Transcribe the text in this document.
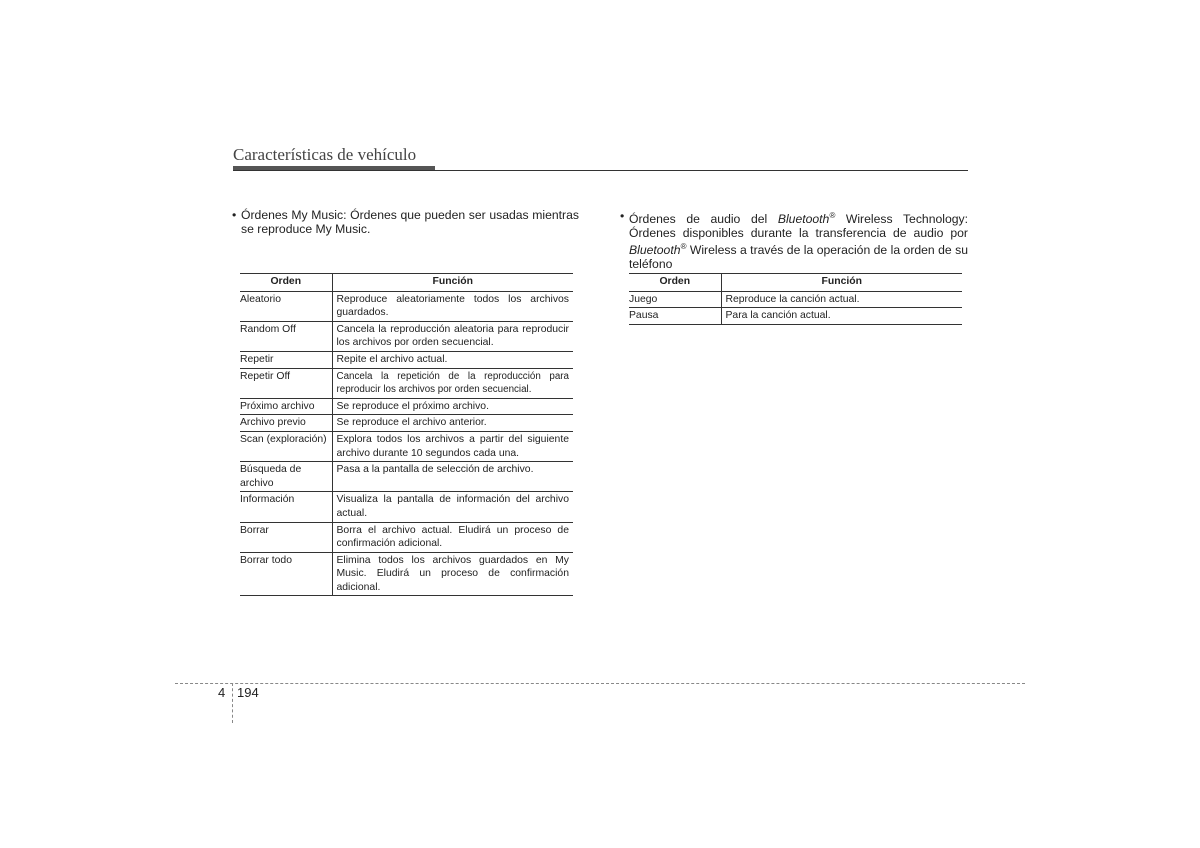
Características de vehículo
• Órdenes My Music: Órdenes que pueden ser usadas mientras se reproduce My Music.
Orden	Función
Aleatorio	Reproduce aleatoriamente todos los archivos guardados.
Random Off	Cancela la reproducción aleatoria para reproducir los archivos por orden secuencial.
Repetir	Repite el archivo actual.
Repetir Off	Cancela la repetición de la reproducción para reproducir los archivos por orden secuencial.
Próximo archivo	Se reproduce el próximo archivo.
Archivo previo	Se reproduce el archivo anterior.
Scan (exploración)	Explora todos los archivos a partir del siguiente archivo durante 10 segundos cada una.
Búsqueda de archivo	Pasa a la pantalla de selección de archivo.
Información	Visualiza la pantalla de información del archivo actual.
Borrar	Borra el archivo actual. Eludirá un proceso de confirmación adicional.
Borrar todo	Elimina todos los archivos guardados en My Music. Eludirá un proceso de confirmación adicional.
• Órdenes de audio del Bluetooth® Wireless Technology: Órdenes disponibles durante la transferencia de audio por Bluetooth® Wireless a través de la operación de la orden de su teléfono
Orden	Función
Juego	Reproduce la canción actual.
Pausa	Para la canción actual.
4 194
